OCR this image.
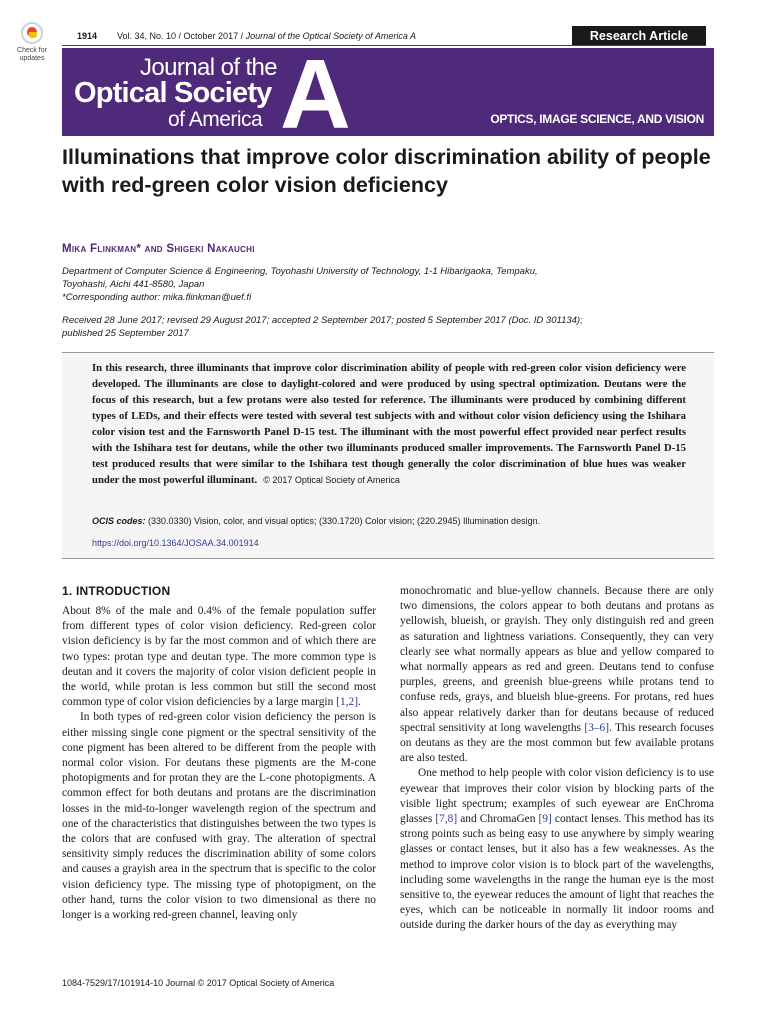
Check for updates
1914 Vol. 34, No. 10 / October 2017 / Journal of the Optical Society of America A	Research Article
Journal of the
Optical Society
of America A	OPTICS, IMAGE SCIENCE, AND VISION
Illuminations that improve color discrimination ability of people with red-green color vision deficiency
Mika Flinkman* and Shigeki Nakauchi
Department of Computer Science & Engineering, Toyohashi University of Technology, 1-1 Hibarigaoka, Tempaku,
Toyohashi, Aichi 441-8580, Japan
*Corresponding author: mika.flinkman@uef.fi
Received 28 June 2017; revised 29 August 2017; accepted 2 September 2017; posted 5 September 2017 (Doc. ID 301134);
published 25 September 2017
In this research, three illuminants that improve color discrimination ability of people with red-green color vision deficiency were developed. The illuminants are close to daylight-colored and were produced by using spectral optimization. Deutans were the focus of this research, but a few protans were also tested for reference. The illuminants were produced by combining different types of LEDs, and their effects were tested with several test subjects with and without color vision deficiency using the Ishihara color vision test and the Farnsworth Panel D-15 test. The illuminant with the most powerful effect provided near perfect results with the Ishihara test for deutans, while the other two illuminants produced smaller improvements. The Farnsworth Panel D-15 test produced results that were similar to the Ishihara test though generally the color discrimination of blue hues was weaker under the most powerful illuminant. © 2017 Optical Society of America
OCIS codes: (330.0330) Vision, color, and visual optics; (330.1720) Color vision; (220.2945) Illumination design.
https://doi.org/10.1364/JOSAA.34.001914
1. INTRODUCTION

About 8% of the male and 0.4% of the female population suffer from different types of color vision deficiency. Red-green color vision deficiency is by far the most common and of which there are two types: protan type and deutan type. The more common type is deutan and it covers the majority of color vision deficient people in the world, while protan is less common but still the second most common type of color vision deficiencies by a large margin [1,2].

In both types of red-green color vision deficiency the person is either missing single cone pigment or the spectral sensitivity of the cone pigment has been altered to be different from the people with normal color vision. For deutans these pigments are the M-cone photopigments and for protan they are the L-cone photopigments. A common effect for both deutans and protans are the discrimination losses in the mid-to-longer wavelength region of the spectrum and one of the characteristics that distinguishes between the two types is the colors that are confused with gray. The alteration of spectral sensitivity simply reduces the discrimination ability of some colors and causes a grayish area in the spectrum that is specific to the color vision deficiency type. The missing type of photopigment, on the other hand, turns the color vision to two dimensional as there no longer is a working red-green channel, leaving only

monochromatic and blue-yellow channels. Because there are only two dimensions, the colors appear to both deutans and protans as yellowish, blueish, or grayish. They only distinguish red and green as saturation and lightness variations. Consequently, they can very clearly see what normally appears as blue and yellow compared to what normally appears as red and green. Deutans tend to confuse purples, greens, and greenish blue-greens while protans tend to confuse reds, grays, and blueish blue-greens. For protans, red hues also appear relatively darker than for deutans because of reduced spectral sensitivity at long wavelengths [3–6]. This research focuses on deutans as they are the most common but few available protans are also tested.

One method to help people with color vision deficiency is to use eyewear that improves their color vision by blocking parts of the visible light spectrum; examples of such eyewear are EnChroma glasses [7,8] and ChromaGen [9] contact lenses. This method has its strong points such as being easy to use anywhere by simply wearing glasses or contact lenses, but it also has a few weaknesses. As the method to improve color vision is to block part of the wavelengths, including some wavelengths in the range the human eye is the most sensitive to, the eyewear reduces the amount of light that reaches the eyes, which can be noticeable in normally lit indoor rooms and outside during the darker hours of the day as everything may

1084-7529/17/101914-10 Journal © 2017 Optical Society of America
